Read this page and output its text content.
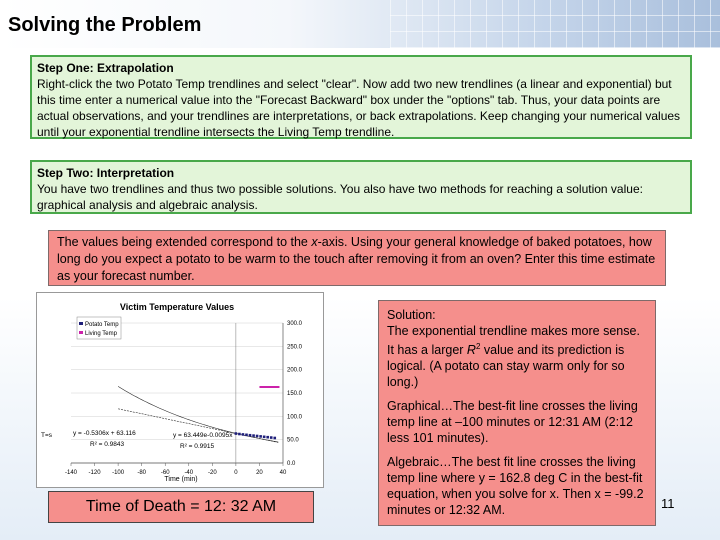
Solving the Problem
Step One: Extrapolation
Right-click the two Potato Temp trendlines and select "clear". Now add two new trendlines (a linear and exponential) but this time enter a numerical value into the "Forecast Backward" box under the "options" tab. Thus, your data points are actual observations, and your trendlines are interpretations, or back extrapolations. Keep changing your numerical values until your exponential trendline intersects the Living Temp trendline.
Step Two: Interpretation
You have two trendlines and thus two possible solutions. You also have two methods for reaching a solution value: graphical analysis and algebraic analysis.
The values being extended correspond to the x-axis. Using your general knowledge of baked potatoes, how long do you expect a potato to be warm to the touch after removing it from an oven? Enter this time estimate as your forecast number.
Victim Temperature Values
0.0
50.0
100.0
150.0
200.0
250.0
300.0
-140 -120 -100 -80 -60 -40 -20	0	20	40
Potato Temp
Living Temp
y = -0.5306x + 63.116
R² = 0.9843
y = 63.449e-0.0095x
R² = 0.9915
T=s
Time (min)
Time of Death = 12: 32 AM

Solution:
The exponential trendline makes more sense. It has a larger $R^2$ value and its prediction is logical. (A potato can stay warm only for so long.)

Graphical…The best-fit line crosses the living temp line at –100 minutes or 12:31 AM (2:12 less 101 minutes).

Algebraic…The best fit line crosses the living temp line where y = 162.8 deg C in the best-fit equation, when you solve for x. Then x = -99.2 minutes or 12:32 AM.	11
